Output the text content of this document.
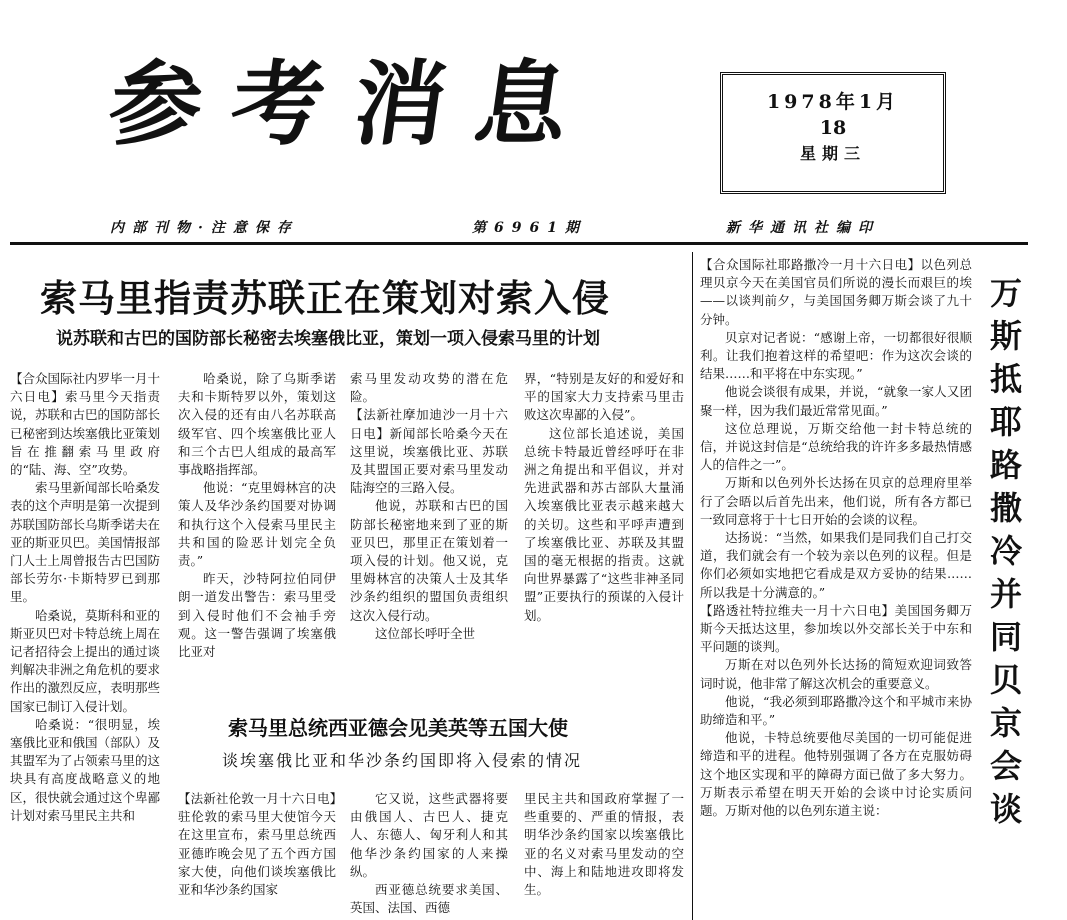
参考消息	1978年1月
18
星期三
内部刊物·注意保存	第6961期	新华通讯社编印
索马里指责苏联正在策划对索入侵
说苏联和古巴的国防部长秘密去埃塞俄比亚，策划一项入侵索马里的计划

【合众国际社内罗毕一月十六日电】索马里今天指责说，苏联和古巴的国防部长已秘密到达埃塞俄比亚策划旨在推翻索马里政府的“陆、海、空”攻势。

索马里新闻部长哈桑发表的这个声明是第一次提到苏联国防部长乌斯季诺夫在亚的斯亚贝巴。美国情报部门人士上周曾报告古巴国防部长劳尔·卡斯特罗已到那里。

哈桑说，莫斯科和亚的斯亚贝巴对卡特总统上周在记者招待会上提出的通过谈判解决非洲之角危机的要求作出的激烈反应，表明那些国家已制订入侵计划。

哈桑说：“很明显，埃塞俄比亚和俄国（部队）及其盟军为了占领索马里的这块具有高度战略意义的地区，很快就会通过这个卑鄙计划对索马里民主共和

哈桑说，除了乌斯季诺夫和卡斯特罗以外，策划这次入侵的还有由八名苏联高级军官、四个埃塞俄比亚人和三个古巴人组成的最高军事战略指挥部。

他说：“克里姆林宫的决策人及华沙条约国要对协调和执行这个入侵索马里民主共和国的险恶计划完全负责。”

昨天，沙特阿拉伯同伊朗一道发出警告：索马里受到入侵时他们不会袖手旁观。这一警告强调了埃塞俄比亚对

索马里发动攻势的潜在危险。

【法新社摩加迪沙一月十六日电】新闻部长哈桑今天在这里说，埃塞俄比亚、苏联及其盟国正要对索马里发动陆海空的三路入侵。

他说，苏联和古巴的国防部长秘密地来到了亚的斯亚贝巴，那里正在策划着一项入侵的计划。他又说，克里姆林宫的决策人士及其华沙条约组织的盟国负责组织这次入侵行动。

这位部长呼吁全世

界，“特别是友好的和爱好和平的国家大力支持索马里击败这次卑鄙的入侵”。

这位部长追述说，美国总统卡特最近曾经呼吁在非洲之角提出和平倡议，并对先进武器和苏古部队大量涌入埃塞俄比亚表示越来越大的关切。这些和平呼声遭到了埃塞俄比亚、苏联及其盟国的毫无根据的指责。这就向世界暴露了“这些非神圣同盟”正要执行的预谋的入侵计划。

索马里总统西亚德会见美英等五国大使
谈埃塞俄比亚和华沙条约国即将入侵索的情况

【法新社伦敦一月十六日电】驻伦敦的索马里大使馆今天在这里宣布，索马里总统西亚德昨晚会见了五个西方国家大使，向他们谈埃塞俄比亚和华沙条约国家

它又说，这些武器将要由俄国人、古巴人、捷克人、东德人、匈牙利人和其他华沙条约国家的人来操纵。

西亚德总统要求美国、英国、法国、西德

里民主共和国政府掌握了一些重要的、严重的情报，表明华沙条约国家以埃塞俄比亚的名义对索马里发动的空中、海上和陆地进攻即将发生。

【合众国际社耶路撒冷一月十六日电】以色列总理贝京今天在美国官员们所说的漫长而艰巨的埃——以谈判前夕，与美国国务卿万斯会谈了九十分钟。

贝京对记者说：“感谢上帝，一切都很好很顺利。让我们抱着这样的希望吧：作为这次会谈的结果……和平将在中东实现。”

他说会谈很有成果，并说，“就象一家人又团聚一样，因为我们最近常常见面。”

这位总理说，万斯交给他一封卡特总统的信，并说这封信是“总统给我的许许多多最热情感人的信件之一”。

万斯和以色列外长达扬在贝京的总理府里举行了会晤以后首先出来，他们说，所有各方都已一致同意将于十七日开始的会谈的议程。

达扬说：“当然，如果我们是同我们自己打交道，我们就会有一个较为亲以色列的议程。但是你们必须如实地把它看成是双方妥协的结果……所以我是十分满意的。”

【路透社特拉维夫一月十六日电】美国国务卿万斯今天抵达这里，参加埃以外交部长关于中东和平问题的谈判。

万斯在对以色列外长达扬的简短欢迎词致答词时说，他非常了解这次机会的重要意义。

他说，“我必须到耶路撒冷这个和平城市来协助缔造和平。”

他说，卡特总统要他尽美国的一切可能促进缔造和平的进程。他特别强调了各方在克服妨碍这个地区实现和平的障碍方面已做了多大努力。万斯表示希望在明天开始的会谈中讨论实质问题。万斯对他的以色列东道主说：

万斯抵耶路撒冷并同贝京会谈
